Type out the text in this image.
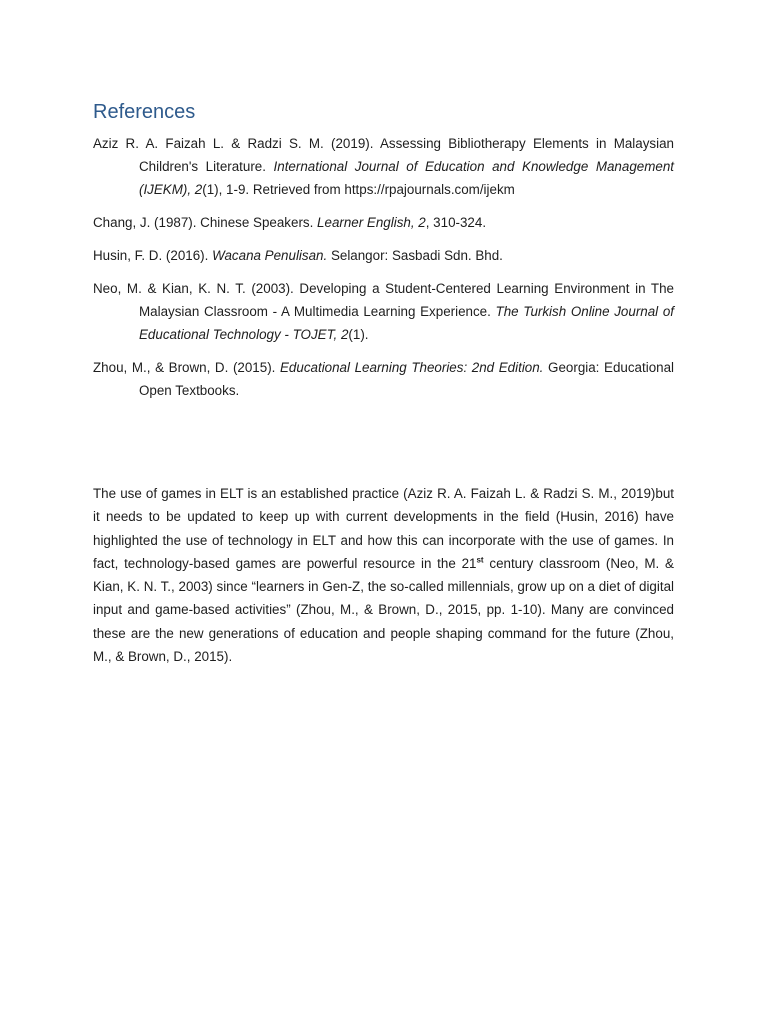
References
Aziz R. A. Faizah L. & Radzi S. M. (2019). Assessing Bibliotherapy Elements in Malaysian Children's Literature. International Journal of Education and Knowledge Management (IJEKM), 2(1), 1-9. Retrieved from https://rpajournals.com/ijekm
Chang, J. (1987). Chinese Speakers. Learner English, 2, 310-324.
Husin, F. D. (2016). Wacana Penulisan. Selangor: Sasbadi Sdn. Bhd.
Neo, M. & Kian, K. N. T. (2003). Developing a Student-Centered Learning Environment in The Malaysian Classroom - A Multimedia Learning Experience. The Turkish Online Journal of Educational Technology - TOJET, 2(1).
Zhou, M., & Brown, D. (2015). Educational Learning Theories: 2nd Edition. Georgia: Educational Open Textbooks.

The use of games in ELT is an established practice (Aziz R. A. Faizah L. & Radzi S. M., 2019)but it needs to be updated to keep up with current developments in the field (Husin, 2016) have highlighted the use of technology in ELT and how this can incorporate with the use of games. In fact, technology-based games are powerful resource in the 21st century classroom (Neo, M. & Kian, K. N. T., 2003) since “learners in Gen-Z, the so-called millennials, grow up on a diet of digital input and game-based activities” (Zhou, M., & Brown, D., 2015, pp. 1-10). Many are convinced these are the new generations of education and people shaping command for the future (Zhou, M., & Brown, D., 2015).
